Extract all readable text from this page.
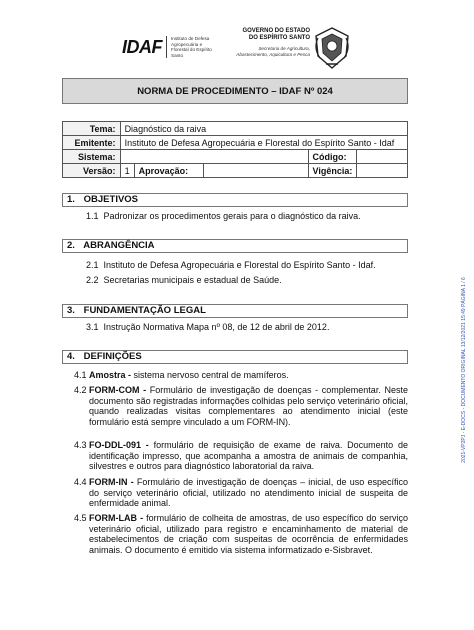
IDAF Instituto de Defesa Agropecuária e Florestal do Espírito Santo
GOVERNO DO ESTADO
DO ESPÍRITO SANTO
Secretaria de Agricultura, Abastecimento, Aquicultura e Pesca
NORMA DE PROCEDIMENTO – IDAF Nº 024
Tema:	Diagnóstico da raiva				
Emitente:	Instituto de Defesa Agropecuária e Florestal do Espírito Santo - Idaf				
Sistema:				Código:	
Versão:	1	Aprovação:		Vigência:	
1. OBJETIVOS
1.1 Padronizar os procedimentos gerais para o diagnóstico da raiva.
2. ABRANGÊNCIA
2.1 Instituto de Defesa Agropecuária e Florestal do Espírito Santo - Idaf.
2.2 Secretarias municipais e estadual de Saúde.
3. FUNDAMENTAÇÃO LEGAL
3.1 Instrução Normativa Mapa nº 08, de 12 de abril de 2012.
4. DEFINIÇÕES
4.1 Amostra - sistema nervoso central de mamíferos.
4.2 FORM-COM - Formulário de investigação de doenças - complementar. Neste documento são registradas informações colhidas pelo serviço veterinário oficial, quando realizadas visitas complementares ao atendimento inicial (este formulário está sempre vinculado a um FORM-IN).
4.3 FO-DDL-091 - formulário de requisição de exame de raiva. Documento de identificação impresso, que acompanha a amostra de animais de companhia, silvestres e outros para diagnóstico laboratorial da raiva.
4.4 FORM-IN - Formulário de investigação de doenças – inicial, de uso específico do serviço veterinário oficial, utilizado no atendimento inicial de suspeita de enfermidade animal.
4.5 FORM-LAB - formulário de colheita de amostras, de uso específico do serviço veterinário oficial, utilizado para registro e encaminhamento de material de estabelecimentos de criação com suspeitas de ocorrência de enfermidades animais. O documento é emitido via sistema informatizado e-Sisbravet.
2021-VP2PJ - E-DOCS - DOCUMENTO ORIGINAL 13/12/2021 15:49 PÁGINA 1 / 6
